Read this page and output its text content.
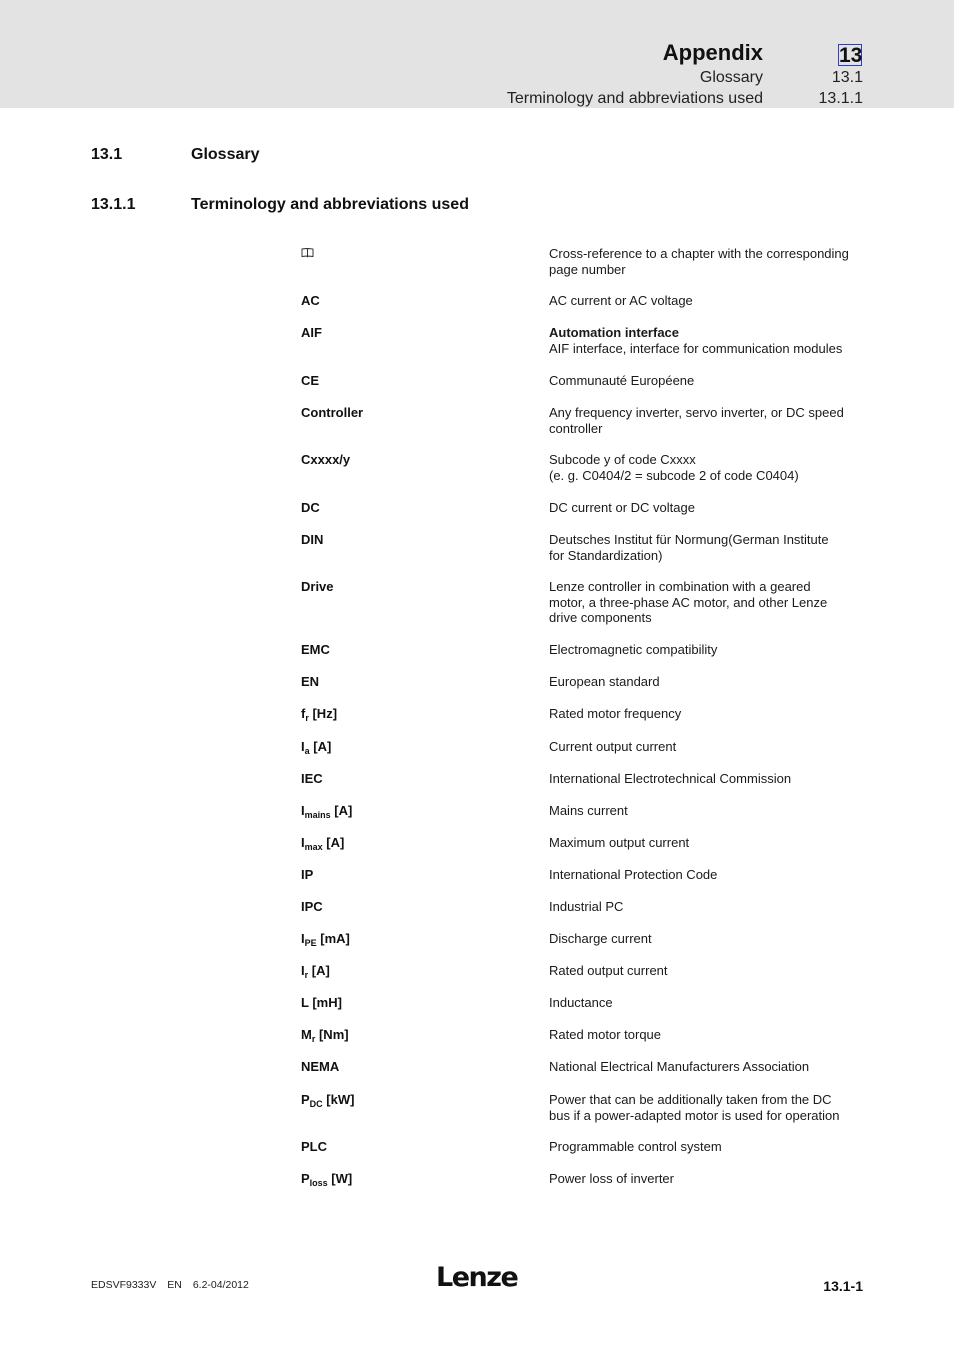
Appendix	13
Glossary	13.1
Terminology and abbreviations used	13.1.1
13.1	Glossary
13.1.1	Terminology and abbreviations used
Cross-reference to a chapter with the corresponding
page number
AC	AC current or AC voltage
AIF	Automation interface
AIF interface, interface for communication modules
CE	Communauté Européene
Controller	Any frequency inverter, servo inverter, or DC speed
controller
Cxxxx/y	Subcode y of code Cxxxx
(e. g. C0404/2 = subcode 2 of code C0404)
DC	DC current or DC voltage
DIN	Deutsches Institut für Normung(German Institute
for Standardization)
Drive	Lenze controller in combination with a geared
motor, a three-phase AC motor, and other Lenze
drive components
EMC	Electromagnetic compatibility
EN	European standard
$f_r$ [Hz]	Rated motor frequency
$I_a$ [A]	Current output current
IEC	International Electrotechnical Commission
$I_{mains}$ [A]	Mains current
$I_{max}$ [A]	Maximum output current
IP	International Protection Code
IPC	Industrial PC
$I_{PE}$ [mA]	Discharge current
$I_r$ [A]	Rated output current
L [mH]	Inductance
$M_r$ [Nm]	Rated motor torque
NEMA	National Electrical Manufacturers Association
$P_{DC}$ [kW]	Power that can be additionally taken from the DC
bus if a power-adapted motor is used for operation
PLC	Programmable control system
$P_{loss}$ [W]	Power loss of inverter
Lenze
EDSVF9333V EN 6.2-04/2012	13.1-1
